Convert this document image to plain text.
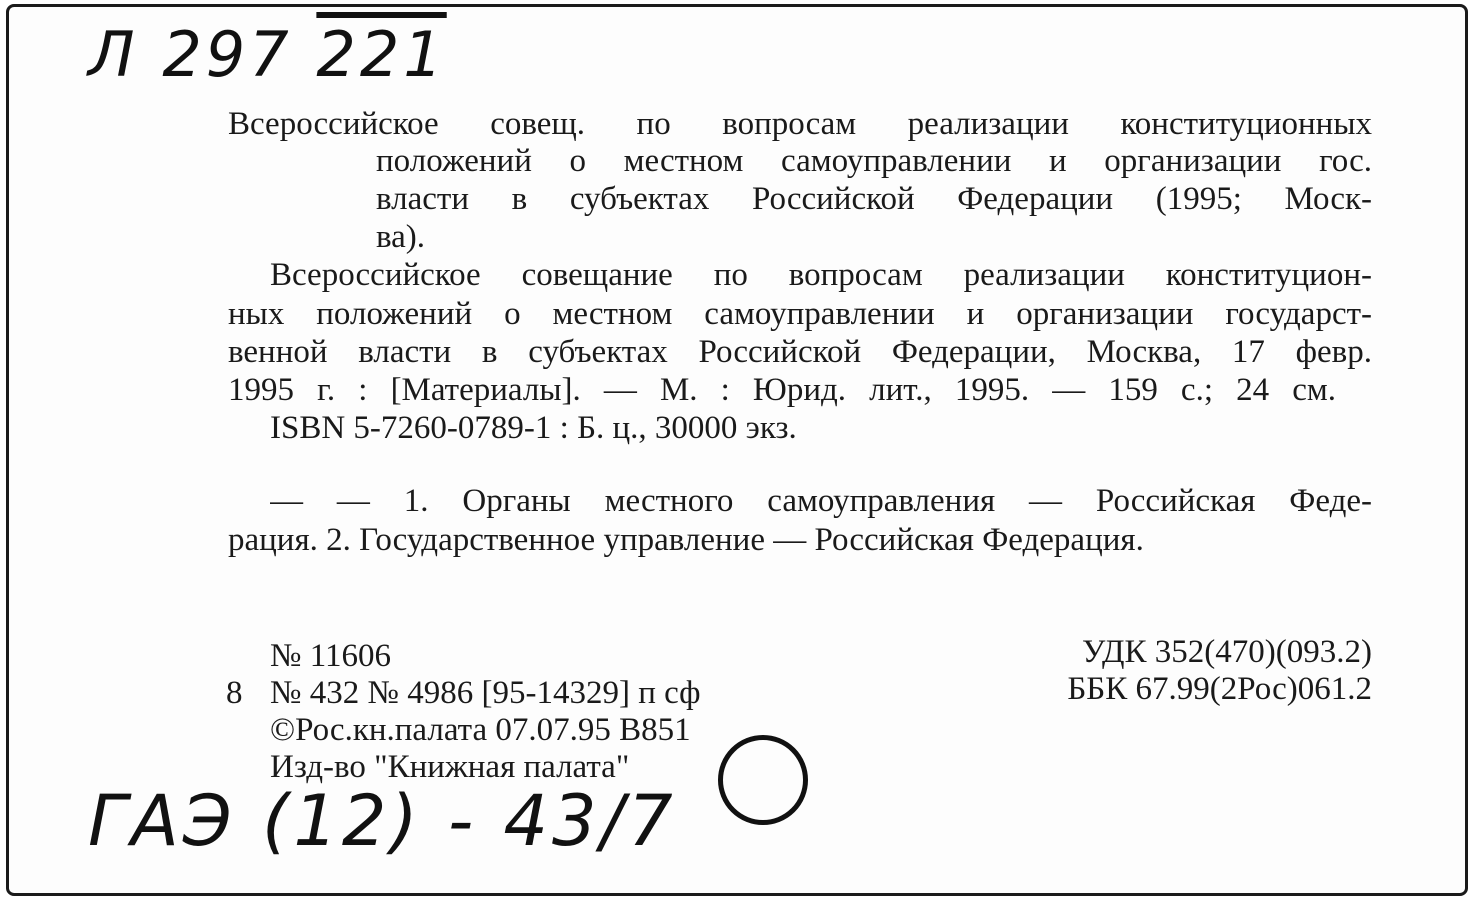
Л 297 221

Всероссийское совещ. по вопросам реализации конституционных

положений о местном самоуправлении и организации гос.

власти в субъектах Российской Федерации (1995; Моск-

ва).

Всероссийское совещание по вопросам реализации конституцион-

ных положений о местном самоуправлении и организации государст-

венной власти в субъектах Российской Федерации, Москва, 17 февр.

1995 г. : [Материалы]. — М. : Юрид. лит., 1995. — 159 с.; 24 см.

ISBN 5-7260-0789-1 : Б. ц., 30000 экз.

— — 1. Органы местного самоуправления — Российская Феде-

рация. 2. Государственное управление — Российская Федерация.

№ 11606

8 № 432 № 4986 [95-14329] п сф

©Рос.кн.палата 07.07.95 B851

Изд-во "Книжная палата"

УДК 352(470)(093.2)

ББК 67.99(2Рос)061.2

ГАЭ (12) - 43/7
